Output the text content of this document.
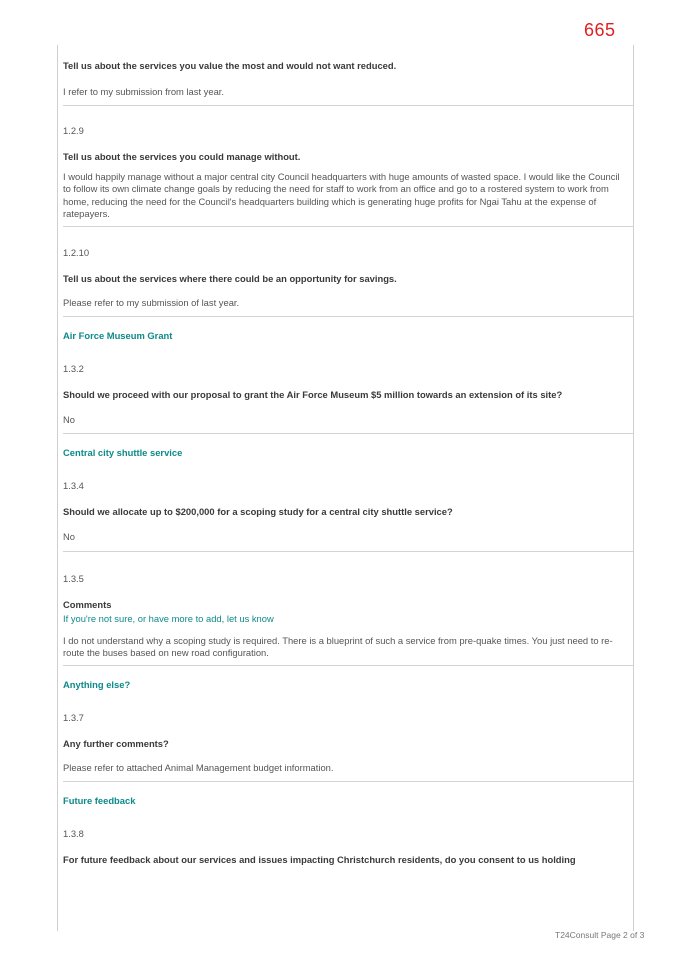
665

Tell us about the services you value the most and would not want reduced.

I refer to my submission from last year.

1.2.9

Tell us about the services you could manage without.

I would happily manage without a major central city Council headquarters with huge amounts of wasted space. I would like the Council to follow its own climate change goals by reducing the need for staff to work from an office and go to a rostered system to work from home, reducing the need for the Council's headquarters building which is generating huge profits for Ngai Tahu at the expense of ratepayers.

1.2.10

Tell us about the services where there could be an opportunity for savings.

Please refer to my submission of last year.

Air Force Museum Grant

1.3.2

Should we proceed with our proposal to grant the Air Force Museum $5 million towards an extension of its site?

No

Central city shuttle service

1.3.4

Should we allocate up to $200,000 for a scoping study for a central city shuttle service?

No

1.3.5

Comments

If you're not sure, or have more to add, let us know

I do not understand why a scoping study is required. There is a blueprint of such a service from pre-quake times. You just need to re-route the buses based on new road configuration.

Anything else?

1.3.7

Any further comments?

Please refer to attached Animal Management budget information.

Future feedback

1.3.8

For future feedback about our services and issues impacting Christchurch residents, do you consent to us holding

T24Consult Page 2 of 3
